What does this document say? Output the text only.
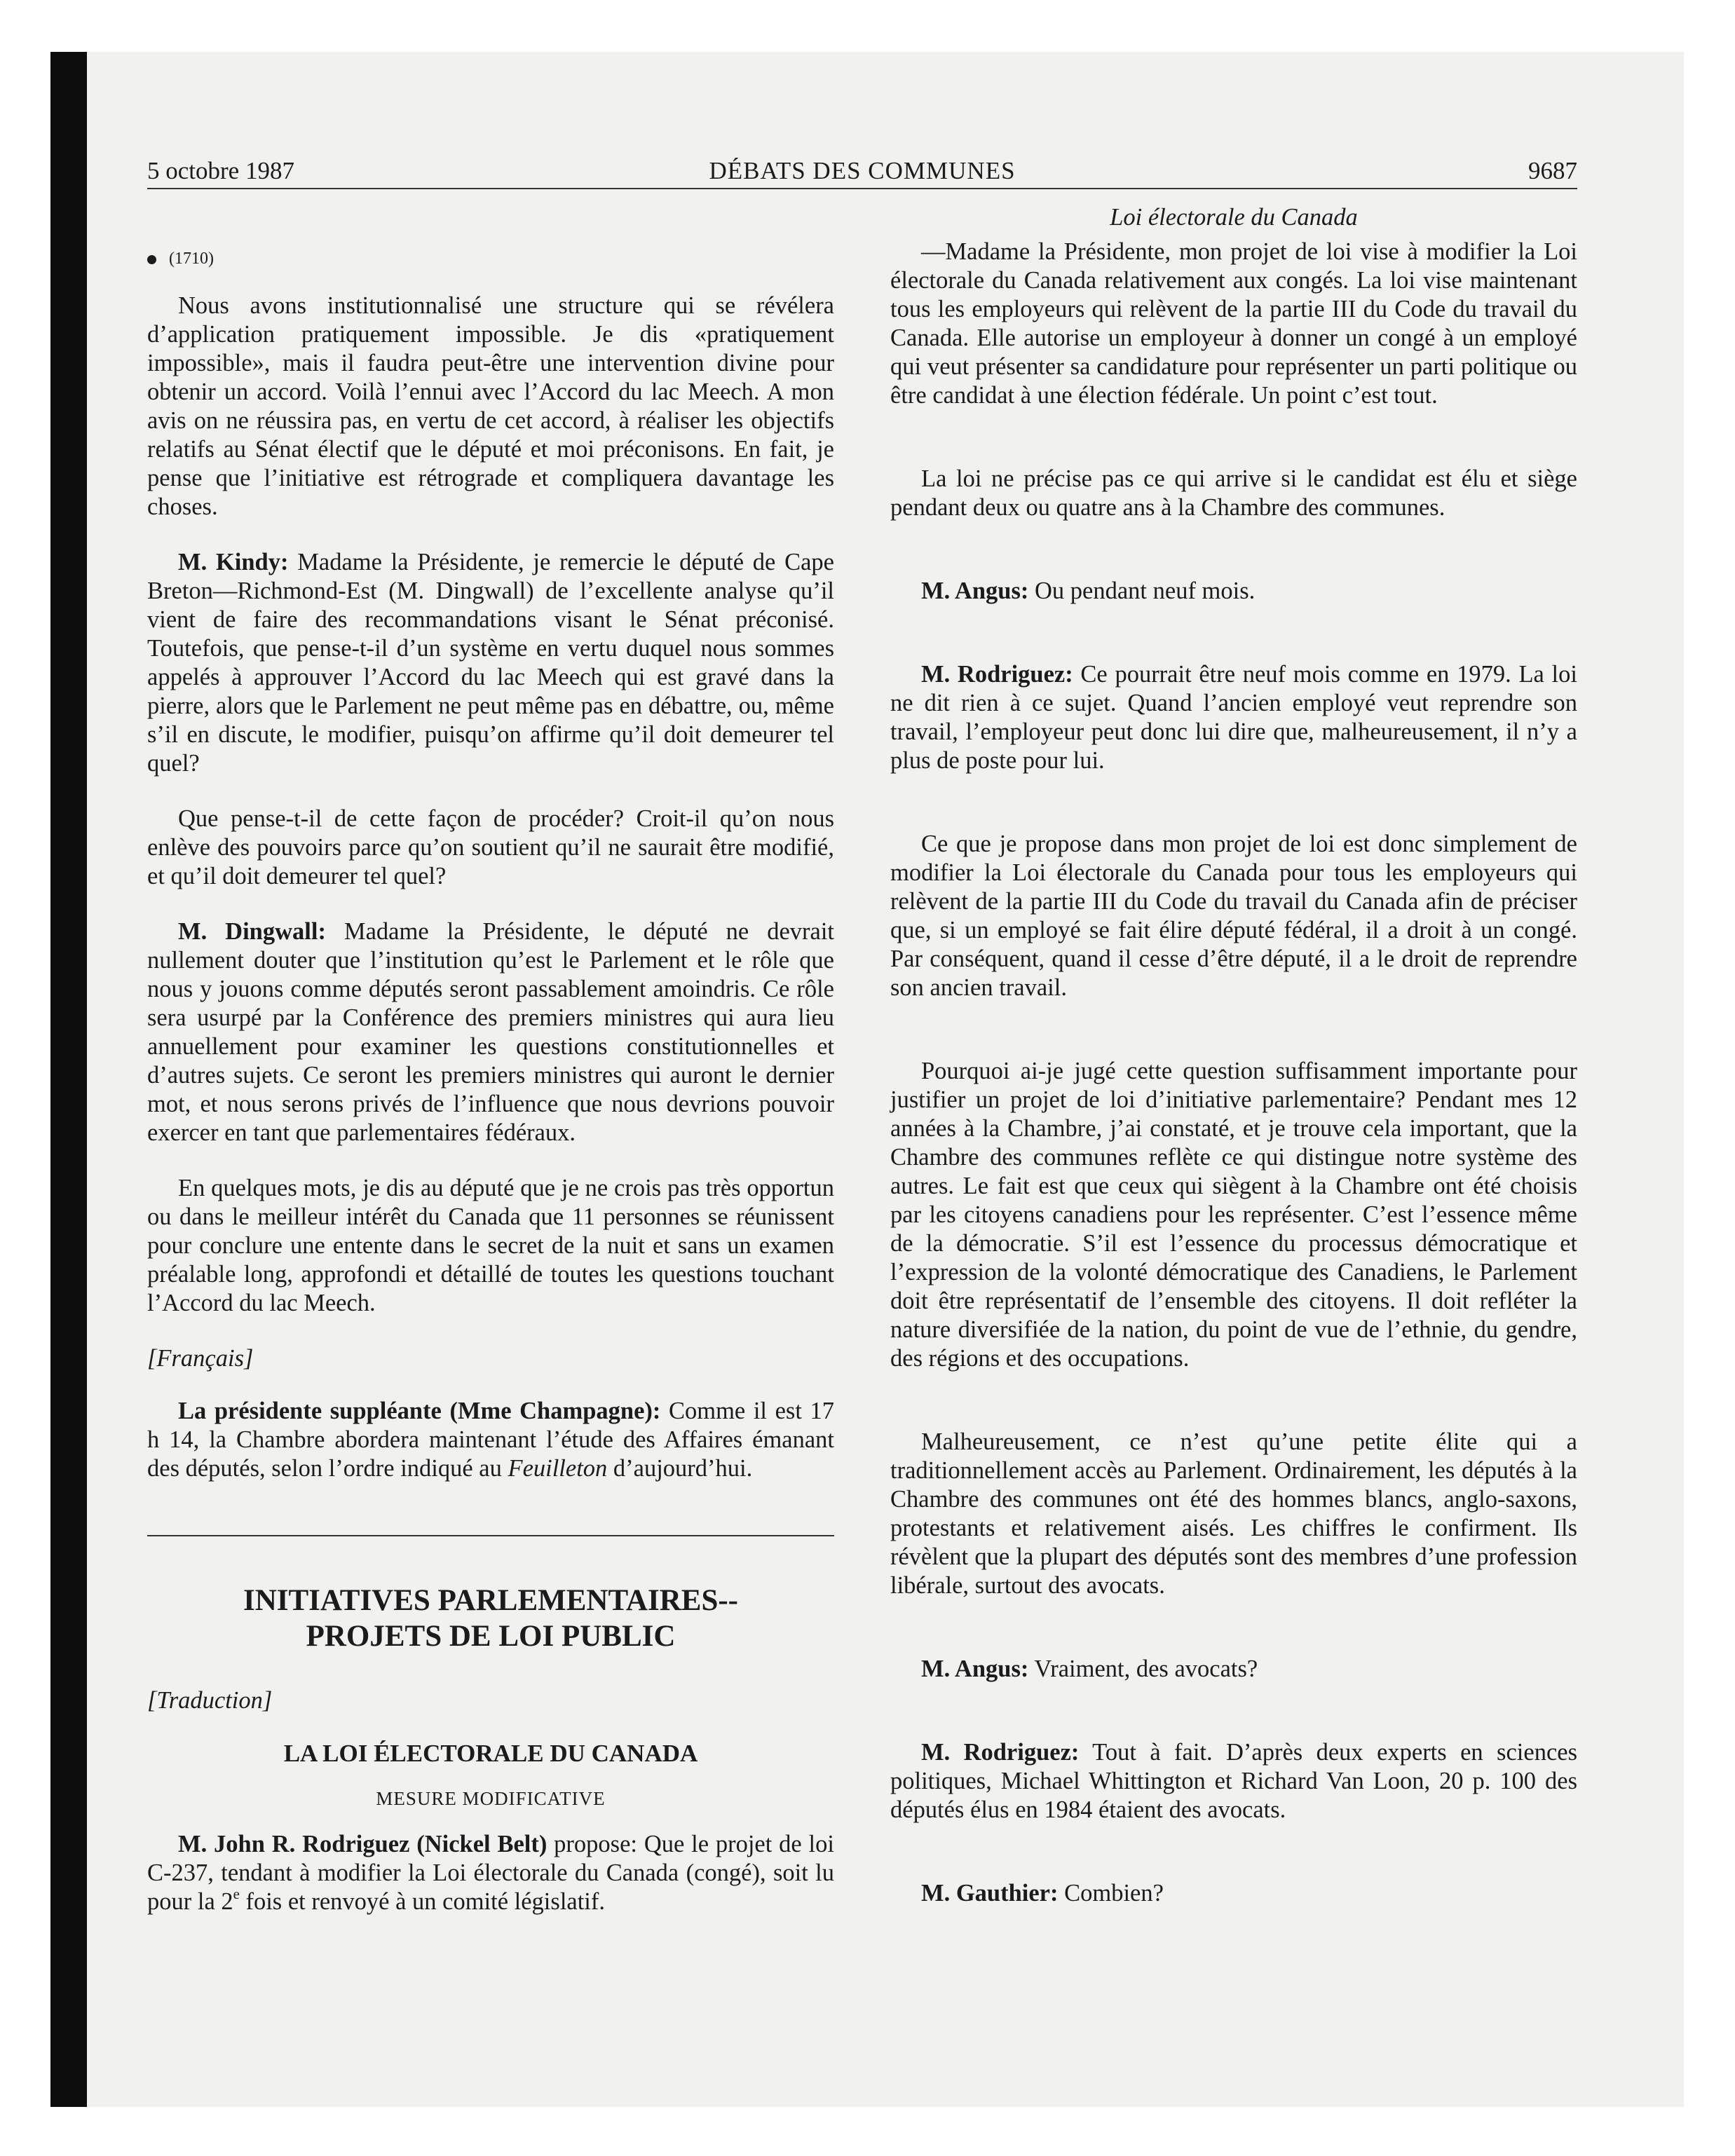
5 octobre 1987	DÉBATS DES COMMUNES	9687
(1710)

Nous avons institutionnalisé une structure qui se révélera d’application pratiquement impossible. Je dis «pratiquement impossible», mais il faudra peut-être une intervention divine pour obtenir un accord. Voilà l’ennui avec l’Accord du lac Meech. A mon avis on ne réussira pas, en vertu de cet accord, à réaliser les objectifs relatifs au Sénat électif que le député et moi préconisons. En fait, je pense que l’initiative est rétrograde et compliquera davantage les choses.

M. Kindy: Madame la Présidente, je remercie le député de Cape Breton—Richmond-Est (M. Dingwall) de l’excellente analyse qu’il vient de faire des recommandations visant le Sénat préconisé. Toutefois, que pense-t-il d’un système en vertu duquel nous sommes appelés à approuver l’Accord du lac Meech qui est gravé dans la pierre, alors que le Parlement ne peut même pas en débattre, ou, même s’il en discute, le modifier, puisqu’on affirme qu’il doit demeurer tel quel?

Que pense-t-il de cette façon de procéder? Croit-il qu’on nous enlève des pouvoirs parce qu’on soutient qu’il ne saurait être modifié, et qu’il doit demeurer tel quel?

M. Dingwall: Madame la Présidente, le député ne devrait nullement douter que l’institution qu’est le Parlement et le rôle que nous y jouons comme députés seront passablement amoindris. Ce rôle sera usurpé par la Conférence des premiers ministres qui aura lieu annuellement pour examiner les questions constitutionnelles et d’autres sujets. Ce seront les premiers ministres qui auront le dernier mot, et nous serons privés de l’influence que nous devrions pouvoir exercer en tant que parlementaires fédéraux.

En quelques mots, je dis au député que je ne crois pas très opportun ou dans le meilleur intérêt du Canada que 11 personnes se réunissent pour conclure une entente dans le secret de la nuit et sans un examen préalable long, approfondi et détaillé de toutes les questions touchant l’Accord du lac Meech.

[Français]

La présidente suppléante (Mme Champagne): Comme il est 17 h 14, la Chambre abordera maintenant l’étude des Affaires émanant des députés, selon l’ordre indiqué au Feuilleton d’aujourd’hui.

INITIATIVES PARLEMENTAIRES--
PROJETS DE LOI PUBLIC
[Traduction]
LA LOI ÉLECTORALE DU CANADA
MESURE MODIFICATIVE

M. John R. Rodriguez (Nickel Belt) propose: Que le projet de loi C-237, tendant à modifier la Loi électorale du Canada (congé), soit lu pour la 2e fois et renvoyé à un comité législatif.

Loi électorale du Canada

—Madame la Présidente, mon projet de loi vise à modifier la Loi électorale du Canada relativement aux congés. La loi vise maintenant tous les employeurs qui relèvent de la partie III du Code du travail du Canada. Elle autorise un employeur à donner un congé à un employé qui veut présenter sa candidature pour représenter un parti politique ou être candidat à une élection fédérale. Un point c’est tout.

La loi ne précise pas ce qui arrive si le candidat est élu et siège pendant deux ou quatre ans à la Chambre des communes.

M. Angus: Ou pendant neuf mois.

M. Rodriguez: Ce pourrait être neuf mois comme en 1979. La loi ne dit rien à ce sujet. Quand l’ancien employé veut reprendre son travail, l’employeur peut donc lui dire que, malheureusement, il n’y a plus de poste pour lui.

Ce que je propose dans mon projet de loi est donc simplement de modifier la Loi électorale du Canada pour tous les employeurs qui relèvent de la partie III du Code du travail du Canada afin de préciser que, si un employé se fait élire député fédéral, il a droit à un congé. Par conséquent, quand il cesse d’être député, il a le droit de reprendre son ancien travail.

Pourquoi ai-je jugé cette question suffisamment importante pour justifier un projet de loi d’initiative parlementaire? Pendant mes 12 années à la Chambre, j’ai constaté, et je trouve cela important, que la Chambre des communes reflète ce qui distingue notre système des autres. Le fait est que ceux qui siègent à la Chambre ont été choisis par les citoyens canadiens pour les représenter. C’est l’essence même de la démocratie. S’il est l’essence du processus démocratique et l’expression de la volonté démocratique des Canadiens, le Parlement doit être représentatif de l’ensemble des citoyens. Il doit refléter la nature diversifiée de la nation, du point de vue de l’ethnie, du gendre, des régions et des occupations.

Malheureusement, ce n’est qu’une petite élite qui a traditionnellement accès au Parlement. Ordinairement, les députés à la Chambre des communes ont été des hommes blancs, anglo-saxons, protestants et relativement aisés. Les chiffres le confirment. Ils révèlent que la plupart des députés sont des membres d’une profession libérale, surtout des avocats.

M. Angus: Vraiment, des avocats?

M. Rodriguez: Tout à fait. D’après deux experts en sciences politiques, Michael Whittington et Richard Van Loon, 20 p. 100 des députés élus en 1984 étaient des avocats.

M. Gauthier: Combien?
